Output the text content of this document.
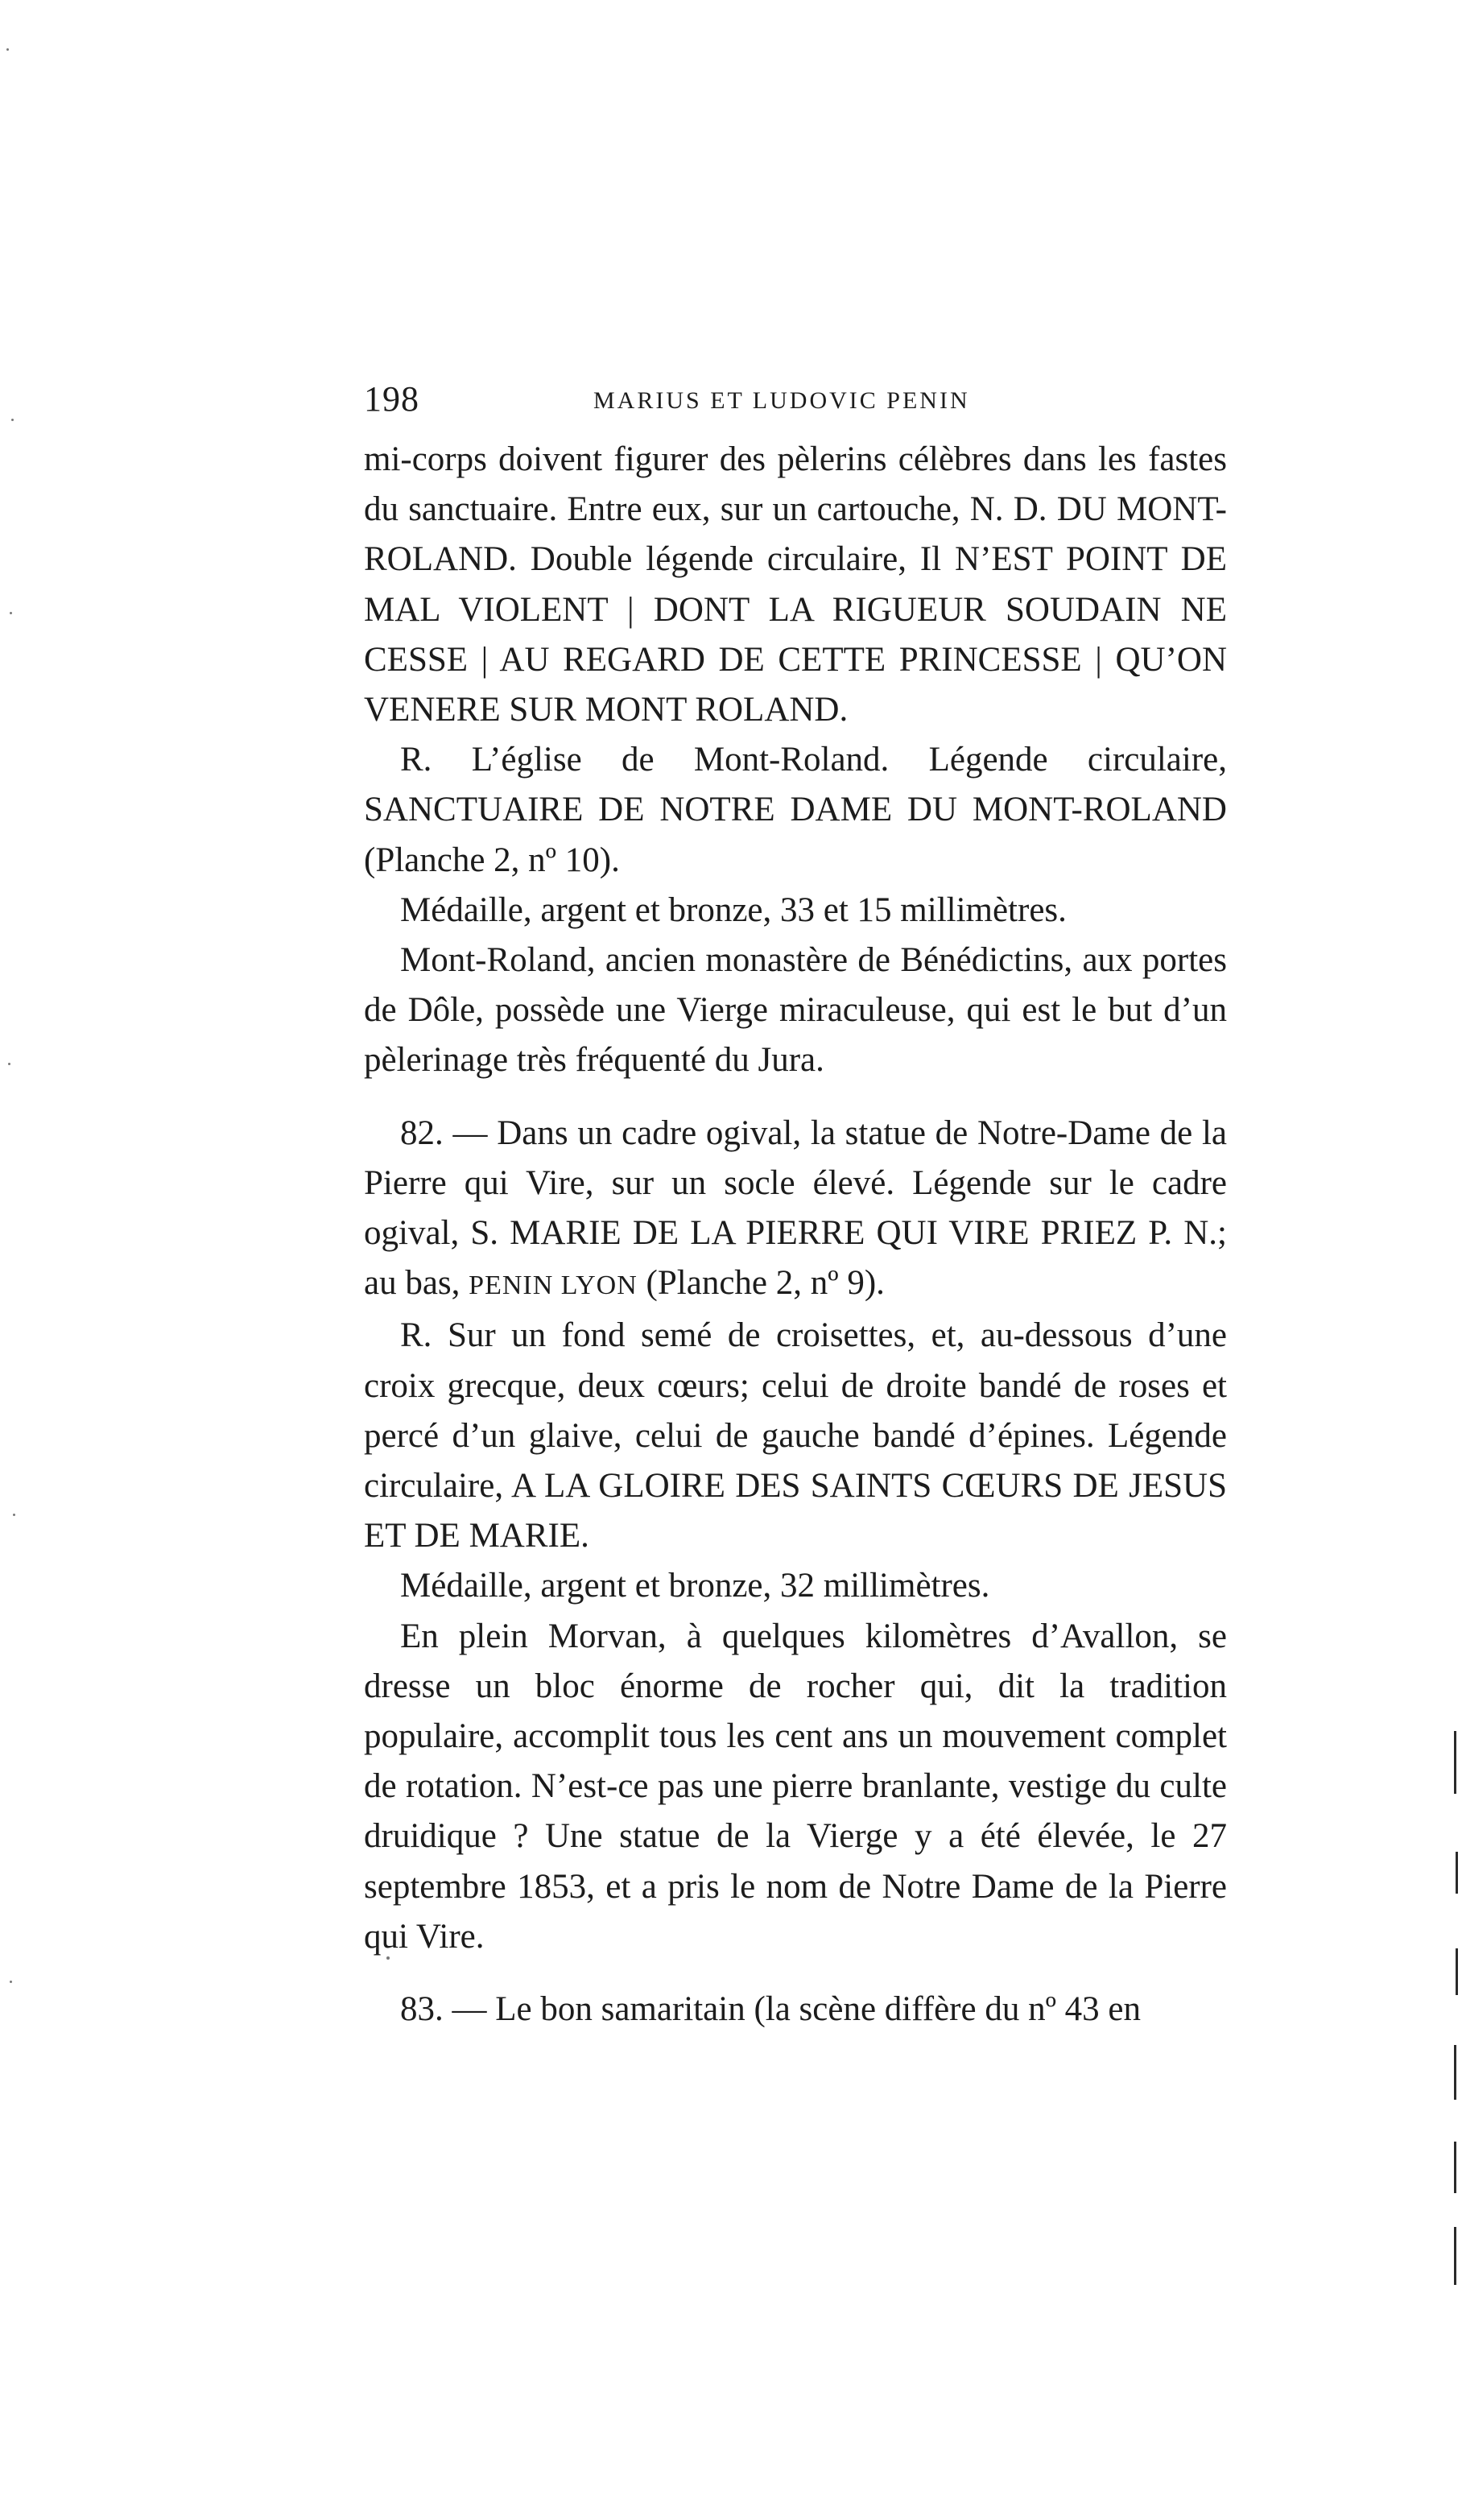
198	MARIUS ET LUDOVIC PENIN

mi-corps doivent figurer des pèlerins célèbres dans les fastes du sanctuaire. Entre eux, sur un cartouche, N. D. DU MONT-ROLAND. Double légende circulaire, Il N’EST POINT DE MAL VIOLENT | DONT LA RIGUEUR SOUDAIN NE CESSE | AU REGARD DE CETTE PRINCESSE | QU’ON VENERE SUR MONT ROLAND.

R. L’église de Mont-Roland. Légende circulaire, SANCTUAIRE DE NOTRE DAME DU MONT-ROLAND (Planche 2, nº 10).

Médaille, argent et bronze, 33 et 15 millimètres.

Mont-Roland, ancien monastère de Bénédictins, aux portes de Dôle, possède une Vierge miraculeuse, qui est le but d’un pèlerinage très fréquenté du Jura.

82. — Dans un cadre ogival, la statue de Notre-Dame de la Pierre qui Vire, sur un socle élevé. Légende sur le cadre ogival, S. MARIE DE LA PIERRE QUI VIRE PRIEZ P. N.; au bas, PENIN LYON (Planche 2, nº 9).

R. Sur un fond semé de croisettes, et, au-dessous d’une croix grecque, deux cœurs; celui de droite bandé de roses et percé d’un glaive, celui de gauche bandé d’épines. Légende circulaire, A LA GLOIRE DES SAINTS CŒURS DE JESUS ET DE MARIE.

Médaille, argent et bronze, 32 millimètres.

En plein Morvan, à quelques kilomètres d’Avallon, se dresse un bloc énorme de rocher qui, dit la tradition populaire, accomplit tous les cent ans un mouvement complet de rotation. N’est-ce pas une pierre branlante, vestige du culte druidique ? Une statue de la Vierge y a été élevée, le 27 septembre 1853, et a pris le nom de Notre Dame de la Pierre qui Vire.

83. — Le bon samaritain (la scène diffère du nº 43 en
